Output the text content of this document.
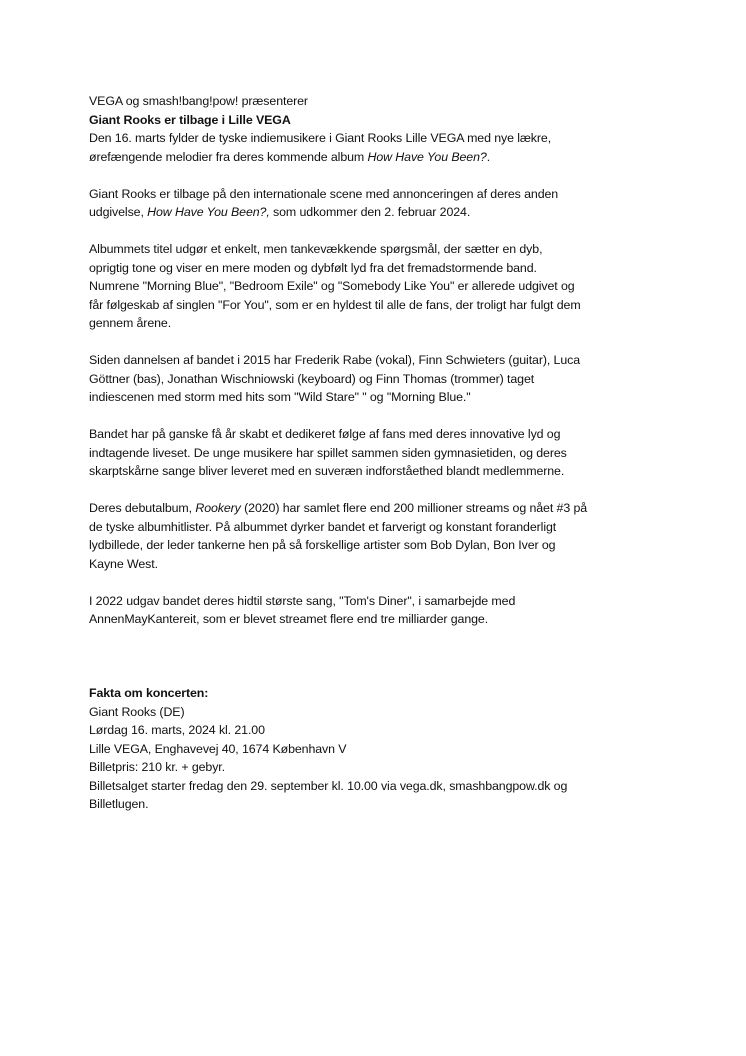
VEGA og smash!bang!pow! præsenterer
Giant Rooks er tilbage i Lille VEGA
Den 16. marts fylder de tyske indiemusikere i Giant Rooks Lille VEGA med nye lækre,
ørefængende melodier fra deres kommende album How Have You Been?.
Giant Rooks er tilbage på den internationale scene med annonceringen af deres anden
udgivelse, How Have You Been?, som udkommer den 2. februar 2024.
Albummets titel udgør et enkelt, men tankevækkende spørgsmål, der sætter en dyb,
oprigtig tone og viser en mere moden og dybfølt lyd fra det fremadstormende band.
Numrene "Morning Blue", "Bedroom Exile" og "Somebody Like You" er allerede udgivet og
får følgeskab af singlen "For You", som er en hyldest til alle de fans, der troligt har fulgt dem
gennem årene.
Siden dannelsen af bandet i 2015 har Frederik Rabe (vokal), Finn Schwieters (guitar), Luca
Göttner (bas), Jonathan Wischniowski (keyboard) og Finn Thomas (trommer) taget
indiescenen med storm med hits som "Wild Stare" " og "Morning Blue."
Bandet har på ganske få år skabt et dedikeret følge af fans med deres innovative lyd og
indtagende liveset. De unge musikere har spillet sammen siden gymnasietiden, og deres
skarptskårne sange bliver leveret med en suveræn indforståethed blandt medlemmerne.
Deres debutalbum, Rookery (2020) har samlet flere end 200 millioner streams og nået #3 på
de tyske albumhitlister. På albummet dyrker bandet et farverigt og konstant foranderligt
lydbillede, der leder tankerne hen på så forskellige artister som Bob Dylan, Bon Iver og
Kayne West.
I 2022 udgav bandet deres hidtil største sang, "Tom's Diner", i samarbejde med
AnnenMayKantereit, som er blevet streamet flere end tre milliarder gange.
Fakta om koncerten:
Giant Rooks (DE)
Lørdag 16. marts, 2024 kl. 21.00
Lille VEGA, Enghavevej 40, 1674 København V
Billetpris: 210 kr. + gebyr.
Billetsalget starter fredag den 29. september kl. 10.00 via vega.dk, smashbangpow.dk og
Billetlugen.
